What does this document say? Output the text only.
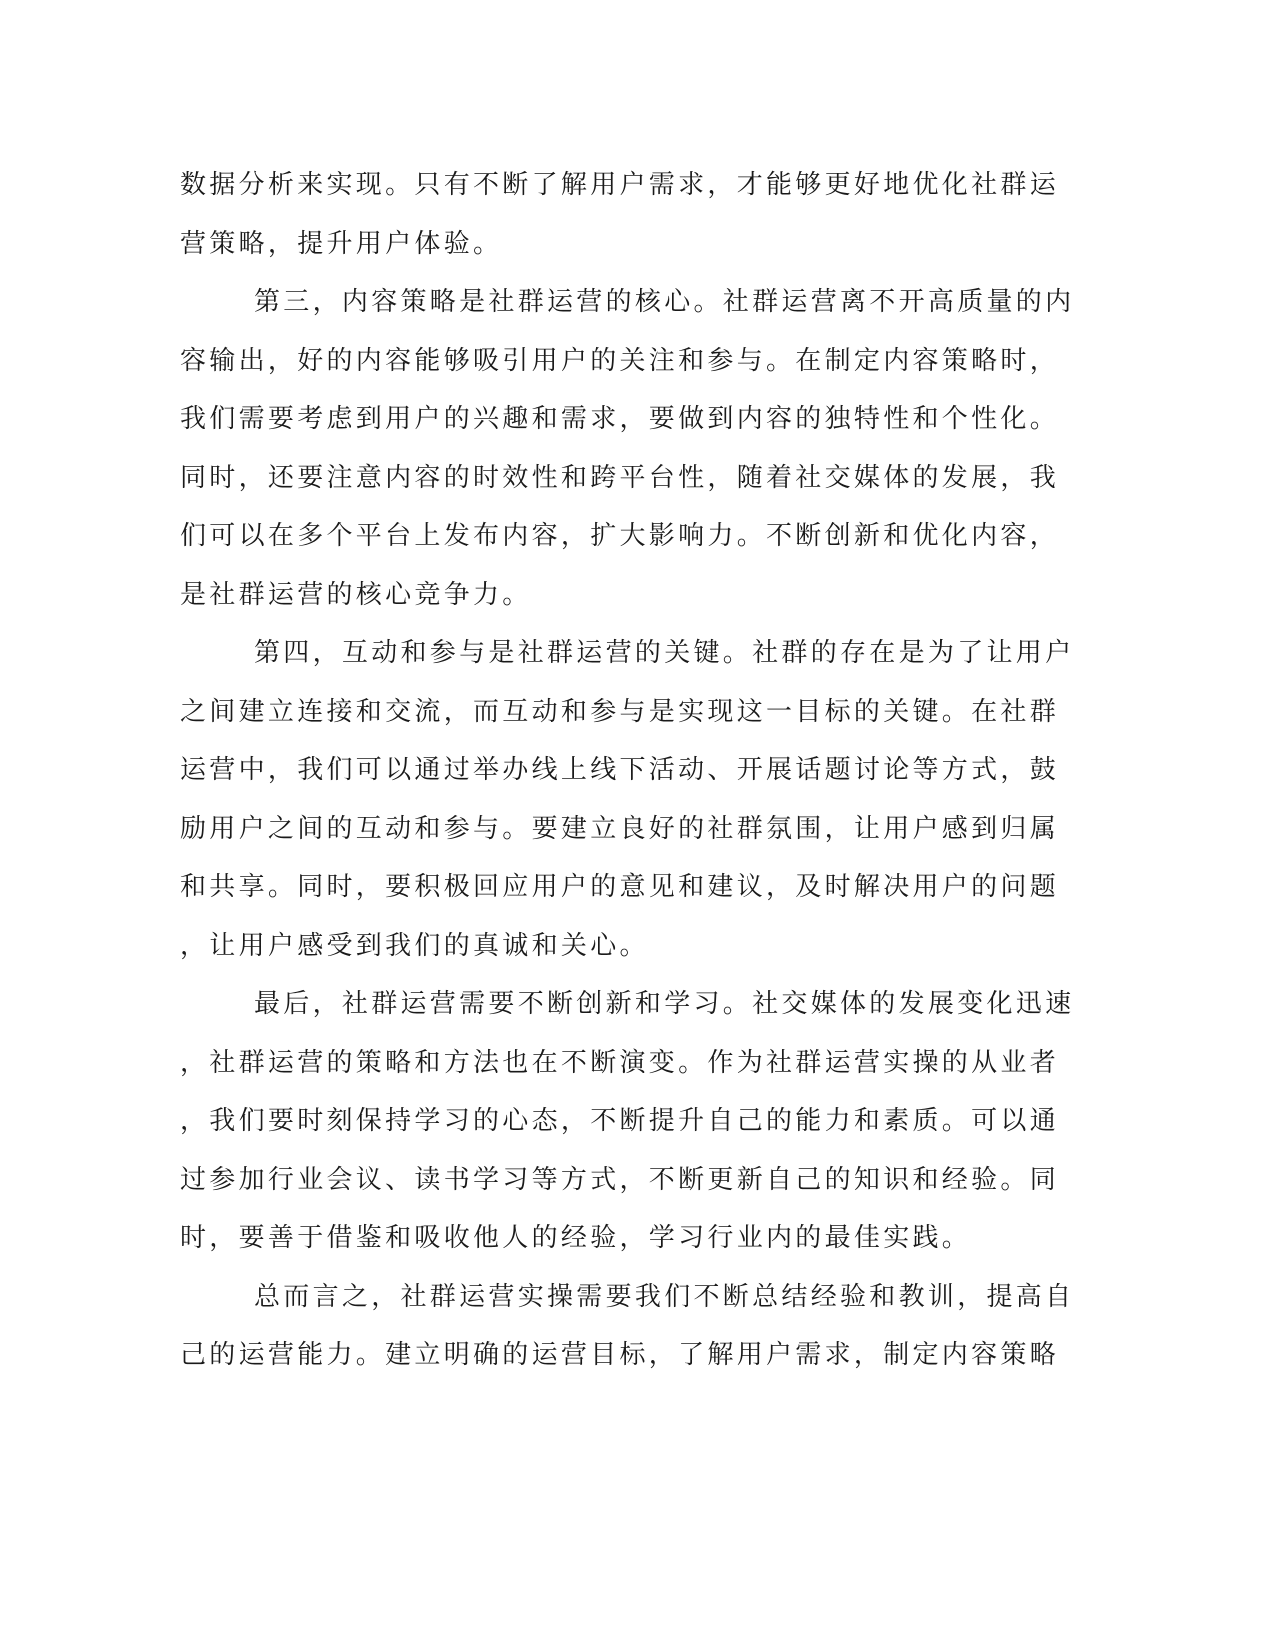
数据分析来实现。只有不断了解用户需求，才能够更好地优化社群运
营策略，提升用户体验。
第三，内容策略是社群运营的核心。社群运营离不开高质量的内
容输出，好的内容能够吸引用户的关注和参与。在制定内容策略时，
我们需要考虑到用户的兴趣和需求，要做到内容的独特性和个性化。
同时，还要注意内容的时效性和跨平台性，随着社交媒体的发展，我
们可以在多个平台上发布内容，扩大影响力。不断创新和优化内容，
是社群运营的核心竞争力。
第四，互动和参与是社群运营的关键。社群的存在是为了让用户
之间建立连接和交流，而互动和参与是实现这一目标的关键。在社群
运营中，我们可以通过举办线上线下活动、开展话题讨论等方式，鼓
励用户之间的互动和参与。要建立良好的社群氛围，让用户感到归属
和共享。同时，要积极回应用户的意见和建议，及时解决用户的问题
，让用户感受到我们的真诚和关心。
最后，社群运营需要不断创新和学习。社交媒体的发展变化迅速
，社群运营的策略和方法也在不断演变。作为社群运营实操的从业者
，我们要时刻保持学习的心态，不断提升自己的能力和素质。可以通
过参加行业会议、读书学习等方式，不断更新自己的知识和经验。同
时，要善于借鉴和吸收他人的经验，学习行业内的最佳实践。
总而言之，社群运营实操需要我们不断总结经验和教训，提高自
己的运营能力。建立明确的运营目标，了解用户需求，制定内容策略
